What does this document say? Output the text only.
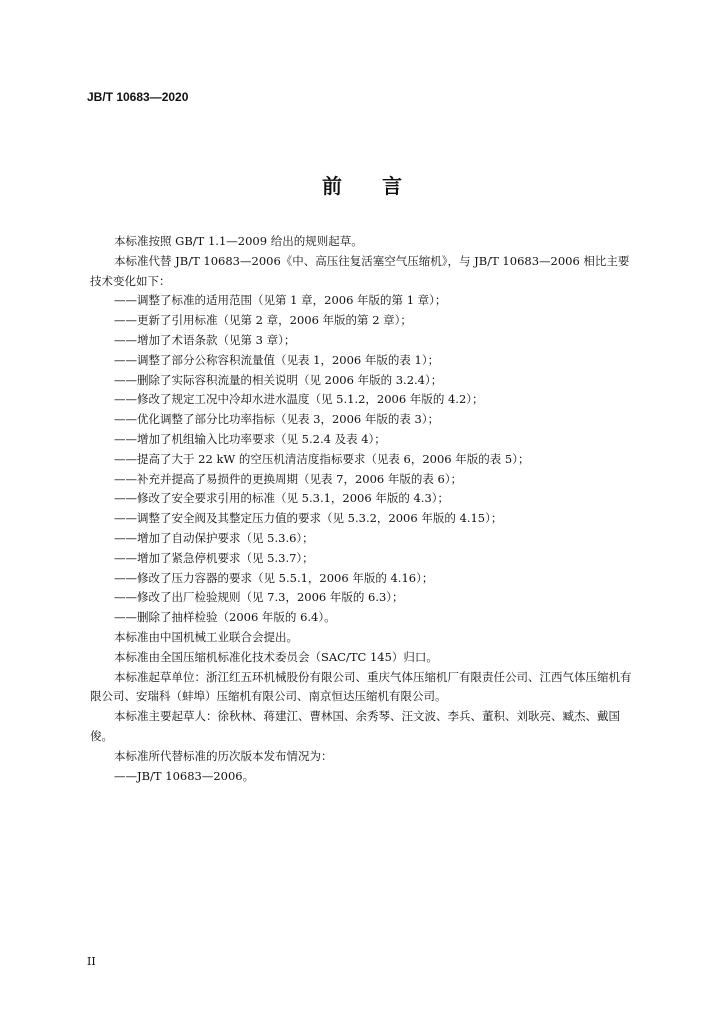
JB/T 10683—2020
前　　言

本标准按照 GB/T 1.1—2009 给出的规则起草。

本标准代替 JB/T 10683—2006《中、高压往复活塞空气压缩机》，与 JB/T 10683—2006 相比主要技术变化如下：

——调整了标准的适用范围（见第 1 章，2006 年版的第 1 章）；

——更新了引用标准（见第 2 章，2006 年版的第 2 章）；

——增加了术语条款（见第 3 章）；

——调整了部分公称容积流量值（见表 1，2006 年版的表 1）；

——删除了实际容积流量的相关说明（见 2006 年版的 3.2.4）；

——修改了规定工况中冷却水进水温度（见 5.1.2，2006 年版的 4.2）；

——优化调整了部分比功率指标（见表 3，2006 年版的表 3）；

——增加了机组输入比功率要求（见 5.2.4 及表 4）；

——提高了大于 22 kW 的空压机清洁度指标要求（见表 6，2006 年版的表 5）；

——补充并提高了易损件的更换周期（见表 7，2006 年版的表 6）；

——修改了安全要求引用的标准（见 5.3.1，2006 年版的 4.3）；

——调整了安全阀及其整定压力值的要求（见 5.3.2，2006 年版的 4.15）；

——增加了自动保护要求（见 5.3.6）；

——增加了紧急停机要求（见 5.3.7）；

——修改了压力容器的要求（见 5.5.1，2006 年版的 4.16）；

——修改了出厂检验规则（见 7.3，2006 年版的 6.3）；

——删除了抽样检验（2006 年版的 6.4）。

本标准由中国机械工业联合会提出。

本标准由全国压缩机标准化技术委员会（SAC/TC 145）归口。

本标准起草单位：浙江红五环机械股份有限公司、重庆气体压缩机厂有限责任公司、江西气体压缩机有限公司、安瑞科（蚌埠）压缩机有限公司、南京恒达压缩机有限公司。

本标准主要起草人：徐秋林、蒋建江、曹林国、余秀琴、汪文波、李兵、董积、刘耿亮、臧杰、戴国俊。

本标准所代替标准的历次版本发布情况为：

——JB/T 10683—2006。

II
